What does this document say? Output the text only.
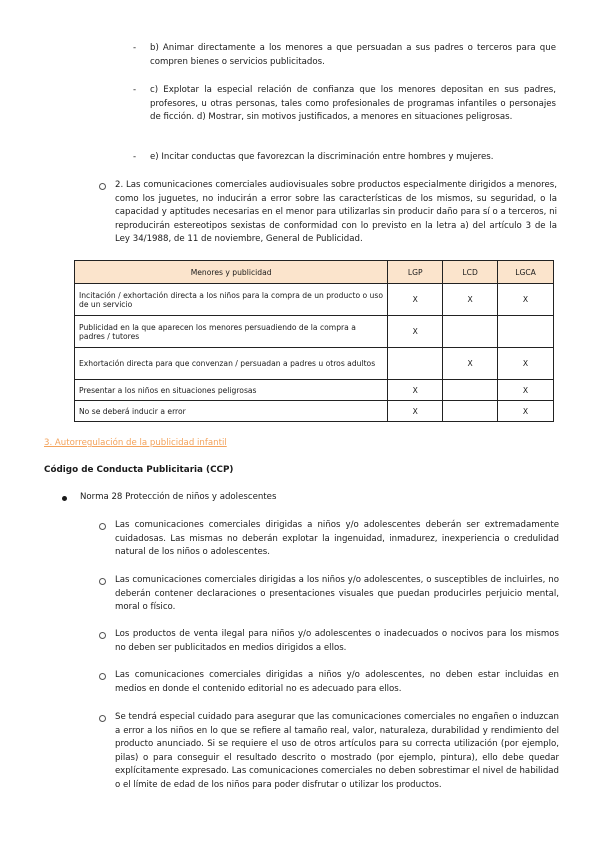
- b) Animar directamente a los menores a que persuadan a sus padres o terceros para que compren bienes o servicios publicitados.
- c) Explotar la especial relación de confianza que los menores depositan en sus padres, profesores, u otras personas, tales como profesionales de programas infantiles o personajes de ficción. d) Mostrar, sin motivos justificados, a menores en situaciones peligrosas.
- e) Incitar conductas que favorezcan la discriminación entre hombres y mujeres.
2. Las comunicaciones comerciales audiovisuales sobre productos especialmente dirigidos a menores, como los juguetes, no inducirán a error sobre las características de los mismos, su seguridad, o la capacidad y aptitudes necesarias en el menor para utilizarlas sin producir daño para sí o a terceros, ni reproducirán estereotipos sexistas de conformidad con lo previsto en la letra a) del artículo 3 de la Ley 34/1988, de 11 de noviembre, General de Publicidad.
Menores y publicidad	LGP	LCD	LGCA
Incitación / exhortación directa a los niños para la compra de un producto o uso de un servicio	X	X	X
Publicidad en la que aparecen los menores persuadiendo de la compra a padres / tutores	X		
Exhortación directa para que convenzan / persuadan a padres u otros adultos		X	X
Presentar a los niños en situaciones peligrosas	X		X
No se deberá inducir a error	X		X
3. Autorregulación de la publicidad infantil
Código de Conducta Publicitaria (CCP)
Norma 28 Protección de niños y adolescentes
Las comunicaciones comerciales dirigidas a niños y/o adolescentes deberán ser extremadamente cuidadosas. Las mismas no deberán explotar la ingenuidad, inmadurez, inexperiencia o credulidad natural de los niños o adolescentes.
Las comunicaciones comerciales dirigidas a los niños y/o adolescentes, o susceptibles de incluirles, no deberán contener declaraciones o presentaciones visuales que puedan producirles perjuicio mental, moral o físico.
Los productos de venta ilegal para niños y/o adolescentes o inadecuados o nocivos para los mismos no deben ser publicitados en medios dirigidos a ellos.
Las comunicaciones comerciales dirigidas a niños y/o adolescentes, no deben estar incluidas en medios en donde el contenido editorial no es adecuado para ellos.
Se tendrá especial cuidado para asegurar que las comunicaciones comerciales no engañen o induzcan a error a los niños en lo que se refiere al tamaño real, valor, naturaleza, durabilidad y rendimiento del producto anunciado. Si se requiere el uso de otros artículos para su correcta utilización (por ejemplo, pilas) o para conseguir el resultado descrito o mostrado (por ejemplo, pintura), ello debe quedar explícitamente expresado. Las comunicaciones comerciales no deben sobrestimar el nivel de habilidad o el límite de edad de los niños para poder disfrutar o utilizar los productos.
